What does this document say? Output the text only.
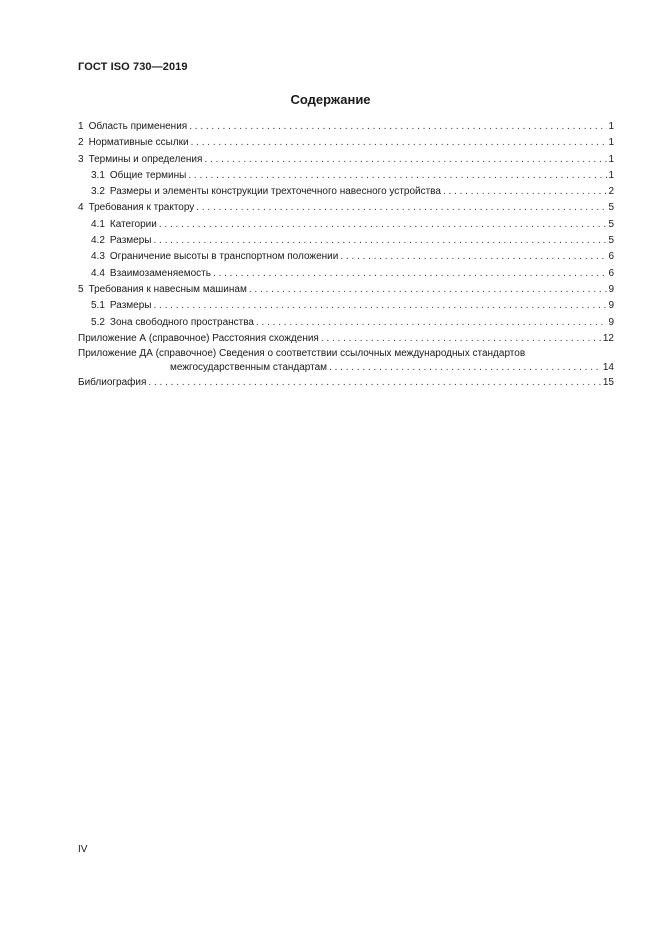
ГОСТ ISO 730—2019
Содержание
1 Область применения . . .	1
2 Нормативные ссылки . . .	1
3 Термины и определения . . .	1
3.1 Общие термины . . .	1
3.2 Размеры и элементы конструкции трехточечного навесного устройства . . .	2
4 Требования к трактору . . .	5
4.1 Категории . . .	5
4.2 Размеры . . .	5
4.3 Ограничение высоты в транспортном положении . . .	6
4.4 Взаимозаменяемость . . .	6
5 Требования к навесным машинам . . .	9
5.1 Размеры . . .	9
5.2 Зона свободного пространства . . .	9
Приложение А (справочное) Расстояния схождения . . .	12
Приложение ДА (справочное) Сведения о соответствии ссылочных международных стандартов
межгосударственным стандартам . . .	14
Библиография . . .	15
IV
